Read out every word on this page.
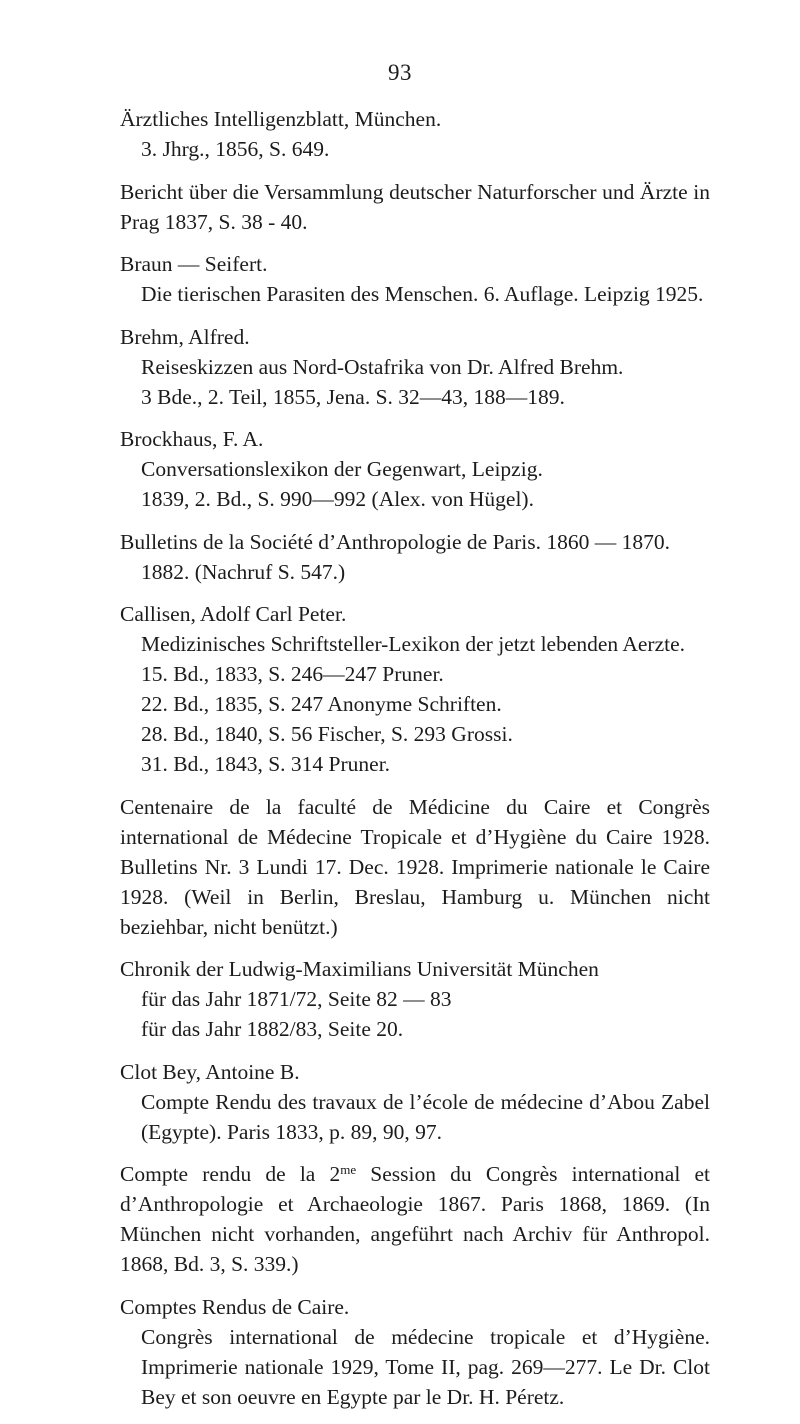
93
Ärztliches Intelligenzblatt, München.
3. Jhrg., 1856, S. 649.
Bericht über die Versammlung deutscher Naturforscher und Ärzte in Prag 1837, S. 38 - 40.
Braun — Seifert.
Die tierischen Parasiten des Menschen. 6. Auflage. Leipzig 1925.
Brehm, Alfred.
Reiseskizzen aus Nord-Ostafrika von Dr. Alfred Brehm.
3 Bde., 2. Teil, 1855, Jena. S. 32—43, 188—189.
Brockhaus, F. A.
Conversationslexikon der Gegenwart, Leipzig.
1839, 2. Bd., S. 990—992 (Alex. von Hügel).
Bulletins de la Société d’Anthropologie de Paris. 1860 — 1870.
1882. (Nachruf S. 547.)
Callisen, Adolf Carl Peter.
Medizinisches Schriftsteller-Lexikon der jetzt lebenden Aerzte.
15. Bd., 1833, S. 246—247 Pruner.
22. Bd., 1835, S. 247 Anonyme Schriften.
28. Bd., 1840, S. 56 Fischer, S. 293 Grossi.
31. Bd., 1843, S. 314 Pruner.
Centenaire de la faculté de Médicine du Caire et Congrès international de Médecine Tropicale et d’Hygiène du Caire 1928. Bulletins Nr. 3 Lundi 17. Dec. 1928. Imprimerie nationale le Caire 1928. (Weil in Berlin, Breslau, Hamburg u. München nicht beziehbar, nicht benützt.)
Chronik der Ludwig-Maximilians Universität München
für das Jahr 1871/72, Seite 82 — 83
für das Jahr 1882/83, Seite 20.
Clot Bey, Antoine B.
Compte Rendu des travaux de l’école de médecine d’Abou Zabel (Egypte). Paris 1833, p. 89, 90, 97.
Compte rendu de la $2^{me}$ Session du Congrès international et d’Anthropologie et Archaeologie 1867. Paris 1868, 1869. (In München nicht vorhanden, angeführt nach Archiv für Anthropol. 1868, Bd. 3, S. 339.)
Comptes Rendus de Caire.
Congrès international de médecine tropicale et d’Hygiène. Imprimerie nationale 1929, Tome II, pag. 269—277. Le Dr. Clot Bey et son oeuvre en Egypte par le Dr. H. Péretz.
